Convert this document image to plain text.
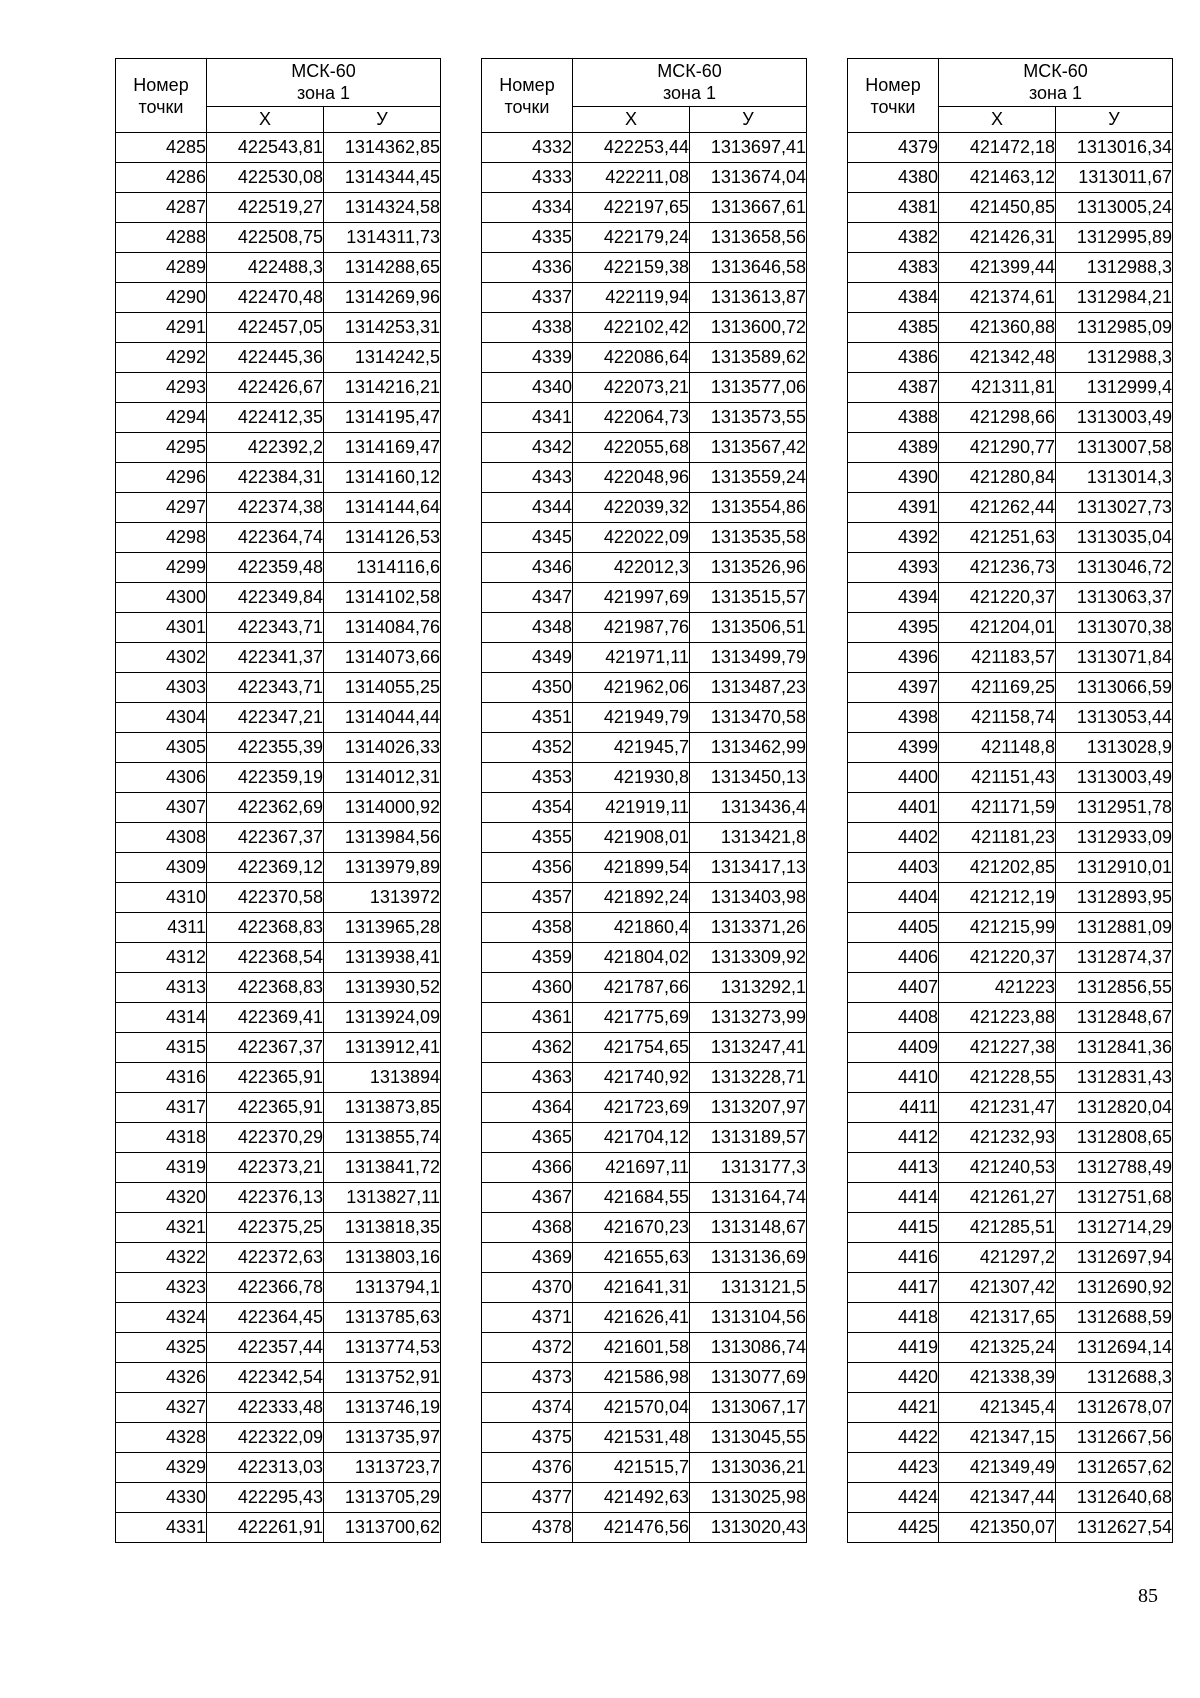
Номер
точки	МСК-60
зона 1	
	Х	У
4285	422543,81	1314362,85
4286	422530,08	1314344,45
4287	422519,27	1314324,58
4288	422508,75	1314311,73
4289	422488,3	1314288,65
4290	422470,48	1314269,96
4291	422457,05	1314253,31
4292	422445,36	1314242,5
4293	422426,67	1314216,21
4294	422412,35	1314195,47
4295	422392,2	1314169,47
4296	422384,31	1314160,12
4297	422374,38	1314144,64
4298	422364,74	1314126,53
4299	422359,48	1314116,6
4300	422349,84	1314102,58
4301	422343,71	1314084,76
4302	422341,37	1314073,66
4303	422343,71	1314055,25
4304	422347,21	1314044,44
4305	422355,39	1314026,33
4306	422359,19	1314012,31
4307	422362,69	1314000,92
4308	422367,37	1313984,56
4309	422369,12	1313979,89
4310	422370,58	1313972
4311	422368,83	1313965,28
4312	422368,54	1313938,41
4313	422368,83	1313930,52
4314	422369,41	1313924,09
4315	422367,37	1313912,41
4316	422365,91	1313894
4317	422365,91	1313873,85
4318	422370,29	1313855,74
4319	422373,21	1313841,72
4320	422376,13	1313827,11
4321	422375,25	1313818,35
4322	422372,63	1313803,16
4323	422366,78	1313794,1
4324	422364,45	1313785,63
4325	422357,44	1313774,53
4326	422342,54	1313752,91
4327	422333,48	1313746,19
4328	422322,09	1313735,97
4329	422313,03	1313723,7
4330	422295,43	1313705,29
4331	422261,91	1313700,62
Номер
точки	МСК-60
зона 1	
	Х	У
4332	422253,44	1313697,41
4333	422211,08	1313674,04
4334	422197,65	1313667,61
4335	422179,24	1313658,56
4336	422159,38	1313646,58
4337	422119,94	1313613,87
4338	422102,42	1313600,72
4339	422086,64	1313589,62
4340	422073,21	1313577,06
4341	422064,73	1313573,55
4342	422055,68	1313567,42
4343	422048,96	1313559,24
4344	422039,32	1313554,86
4345	422022,09	1313535,58
4346	422012,3	1313526,96
4347	421997,69	1313515,57
4348	421987,76	1313506,51
4349	421971,11	1313499,79
4350	421962,06	1313487,23
4351	421949,79	1313470,58
4352	421945,7	1313462,99
4353	421930,8	1313450,13
4354	421919,11	1313436,4
4355	421908,01	1313421,8
4356	421899,54	1313417,13
4357	421892,24	1313403,98
4358	421860,4	1313371,26
4359	421804,02	1313309,92
4360	421787,66	1313292,1
4361	421775,69	1313273,99
4362	421754,65	1313247,41
4363	421740,92	1313228,71
4364	421723,69	1313207,97
4365	421704,12	1313189,57
4366	421697,11	1313177,3
4367	421684,55	1313164,74
4368	421670,23	1313148,67
4369	421655,63	1313136,69
4370	421641,31	1313121,5
4371	421626,41	1313104,56
4372	421601,58	1313086,74
4373	421586,98	1313077,69
4374	421570,04	1313067,17
4375	421531,48	1313045,55
4376	421515,7	1313036,21
4377	421492,63	1313025,98
4378	421476,56	1313020,43
Номер
точки	МСК-60
зона 1	
	Х	У
4379	421472,18	1313016,34
4380	421463,12	1313011,67
4381	421450,85	1313005,24
4382	421426,31	1312995,89
4383	421399,44	1312988,3
4384	421374,61	1312984,21
4385	421360,88	1312985,09
4386	421342,48	1312988,3
4387	421311,81	1312999,4
4388	421298,66	1313003,49
4389	421290,77	1313007,58
4390	421280,84	1313014,3
4391	421262,44	1313027,73
4392	421251,63	1313035,04
4393	421236,73	1313046,72
4394	421220,37	1313063,37
4395	421204,01	1313070,38
4396	421183,57	1313071,84
4397	421169,25	1313066,59
4398	421158,74	1313053,44
4399	421148,8	1313028,9
4400	421151,43	1313003,49
4401	421171,59	1312951,78
4402	421181,23	1312933,09
4403	421202,85	1312910,01
4404	421212,19	1312893,95
4405	421215,99	1312881,09
4406	421220,37	1312874,37
4407	421223	1312856,55
4408	421223,88	1312848,67
4409	421227,38	1312841,36
4410	421228,55	1312831,43
4411	421231,47	1312820,04
4412	421232,93	1312808,65
4413	421240,53	1312788,49
4414	421261,27	1312751,68
4415	421285,51	1312714,29
4416	421297,2	1312697,94
4417	421307,42	1312690,92
4418	421317,65	1312688,59
4419	421325,24	1312694,14
4420	421338,39	1312688,3
4421	421345,4	1312678,07
4422	421347,15	1312667,56
4423	421349,49	1312657,62
4424	421347,44	1312640,68
4425	421350,07	1312627,54
85
